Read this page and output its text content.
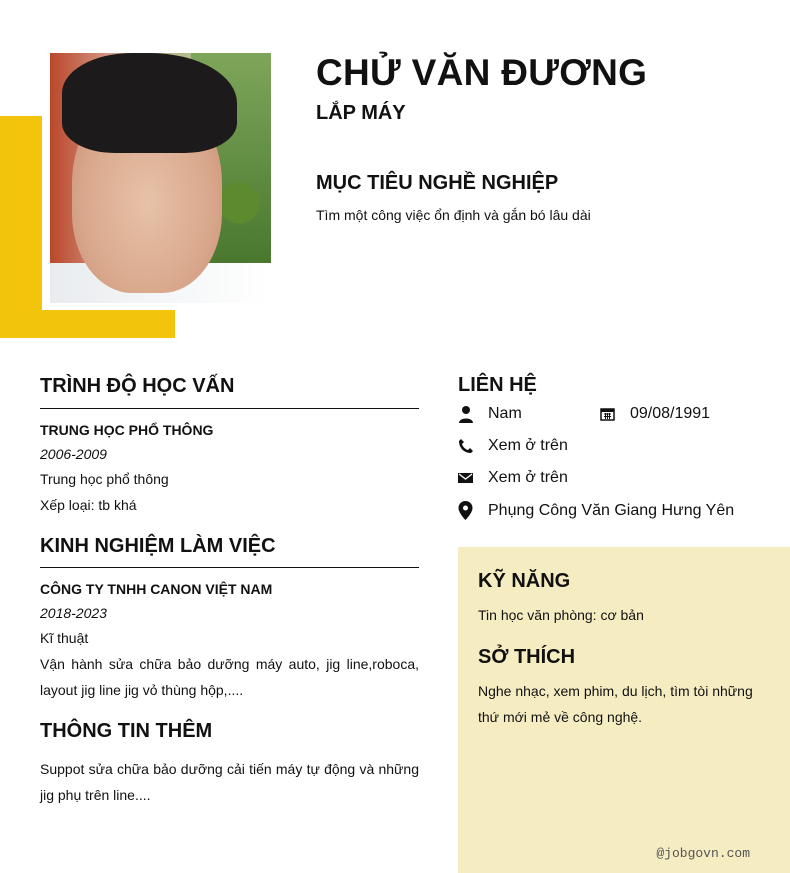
CHỬ VĂN ĐƯƠNG
LẮP MÁY
MỤC TIÊU NGHỀ NGHIỆP
Tìm một công việc ổn định và gắn bó lâu dài
TRÌNH ĐỘ HỌC VẤN
TRUNG HỌC PHỔ THÔNG
2006-2009
Trung học phổ thông
Xếp loại: tb khá
KINH NGHIỆM LÀM VIỆC
CÔNG TY TNHH CANON VIỆT NAM
2018-2023
Kĩ thuật
Vận hành sửa chữa bảo dưỡng máy auto, jig line,roboca, layout jig line jig vỏ thùng hộp,....
THÔNG TIN THÊM
Suppot sửa chữa bảo dưỡng cải tiến máy tự động và những jig phụ trên line....
LIÊN HỆ
Nam	09/08/1991
Xem ở trên
Xem ở trên
Phụng Công Văn Giang Hưng Yên
KỸ NĂNG
Tin học văn phòng: cơ bản
SỞ THÍCH
Nghe nhạc, xem phim, du lịch, tìm tòi những thứ mới mẻ về công nghệ.
@jobgovn.com
